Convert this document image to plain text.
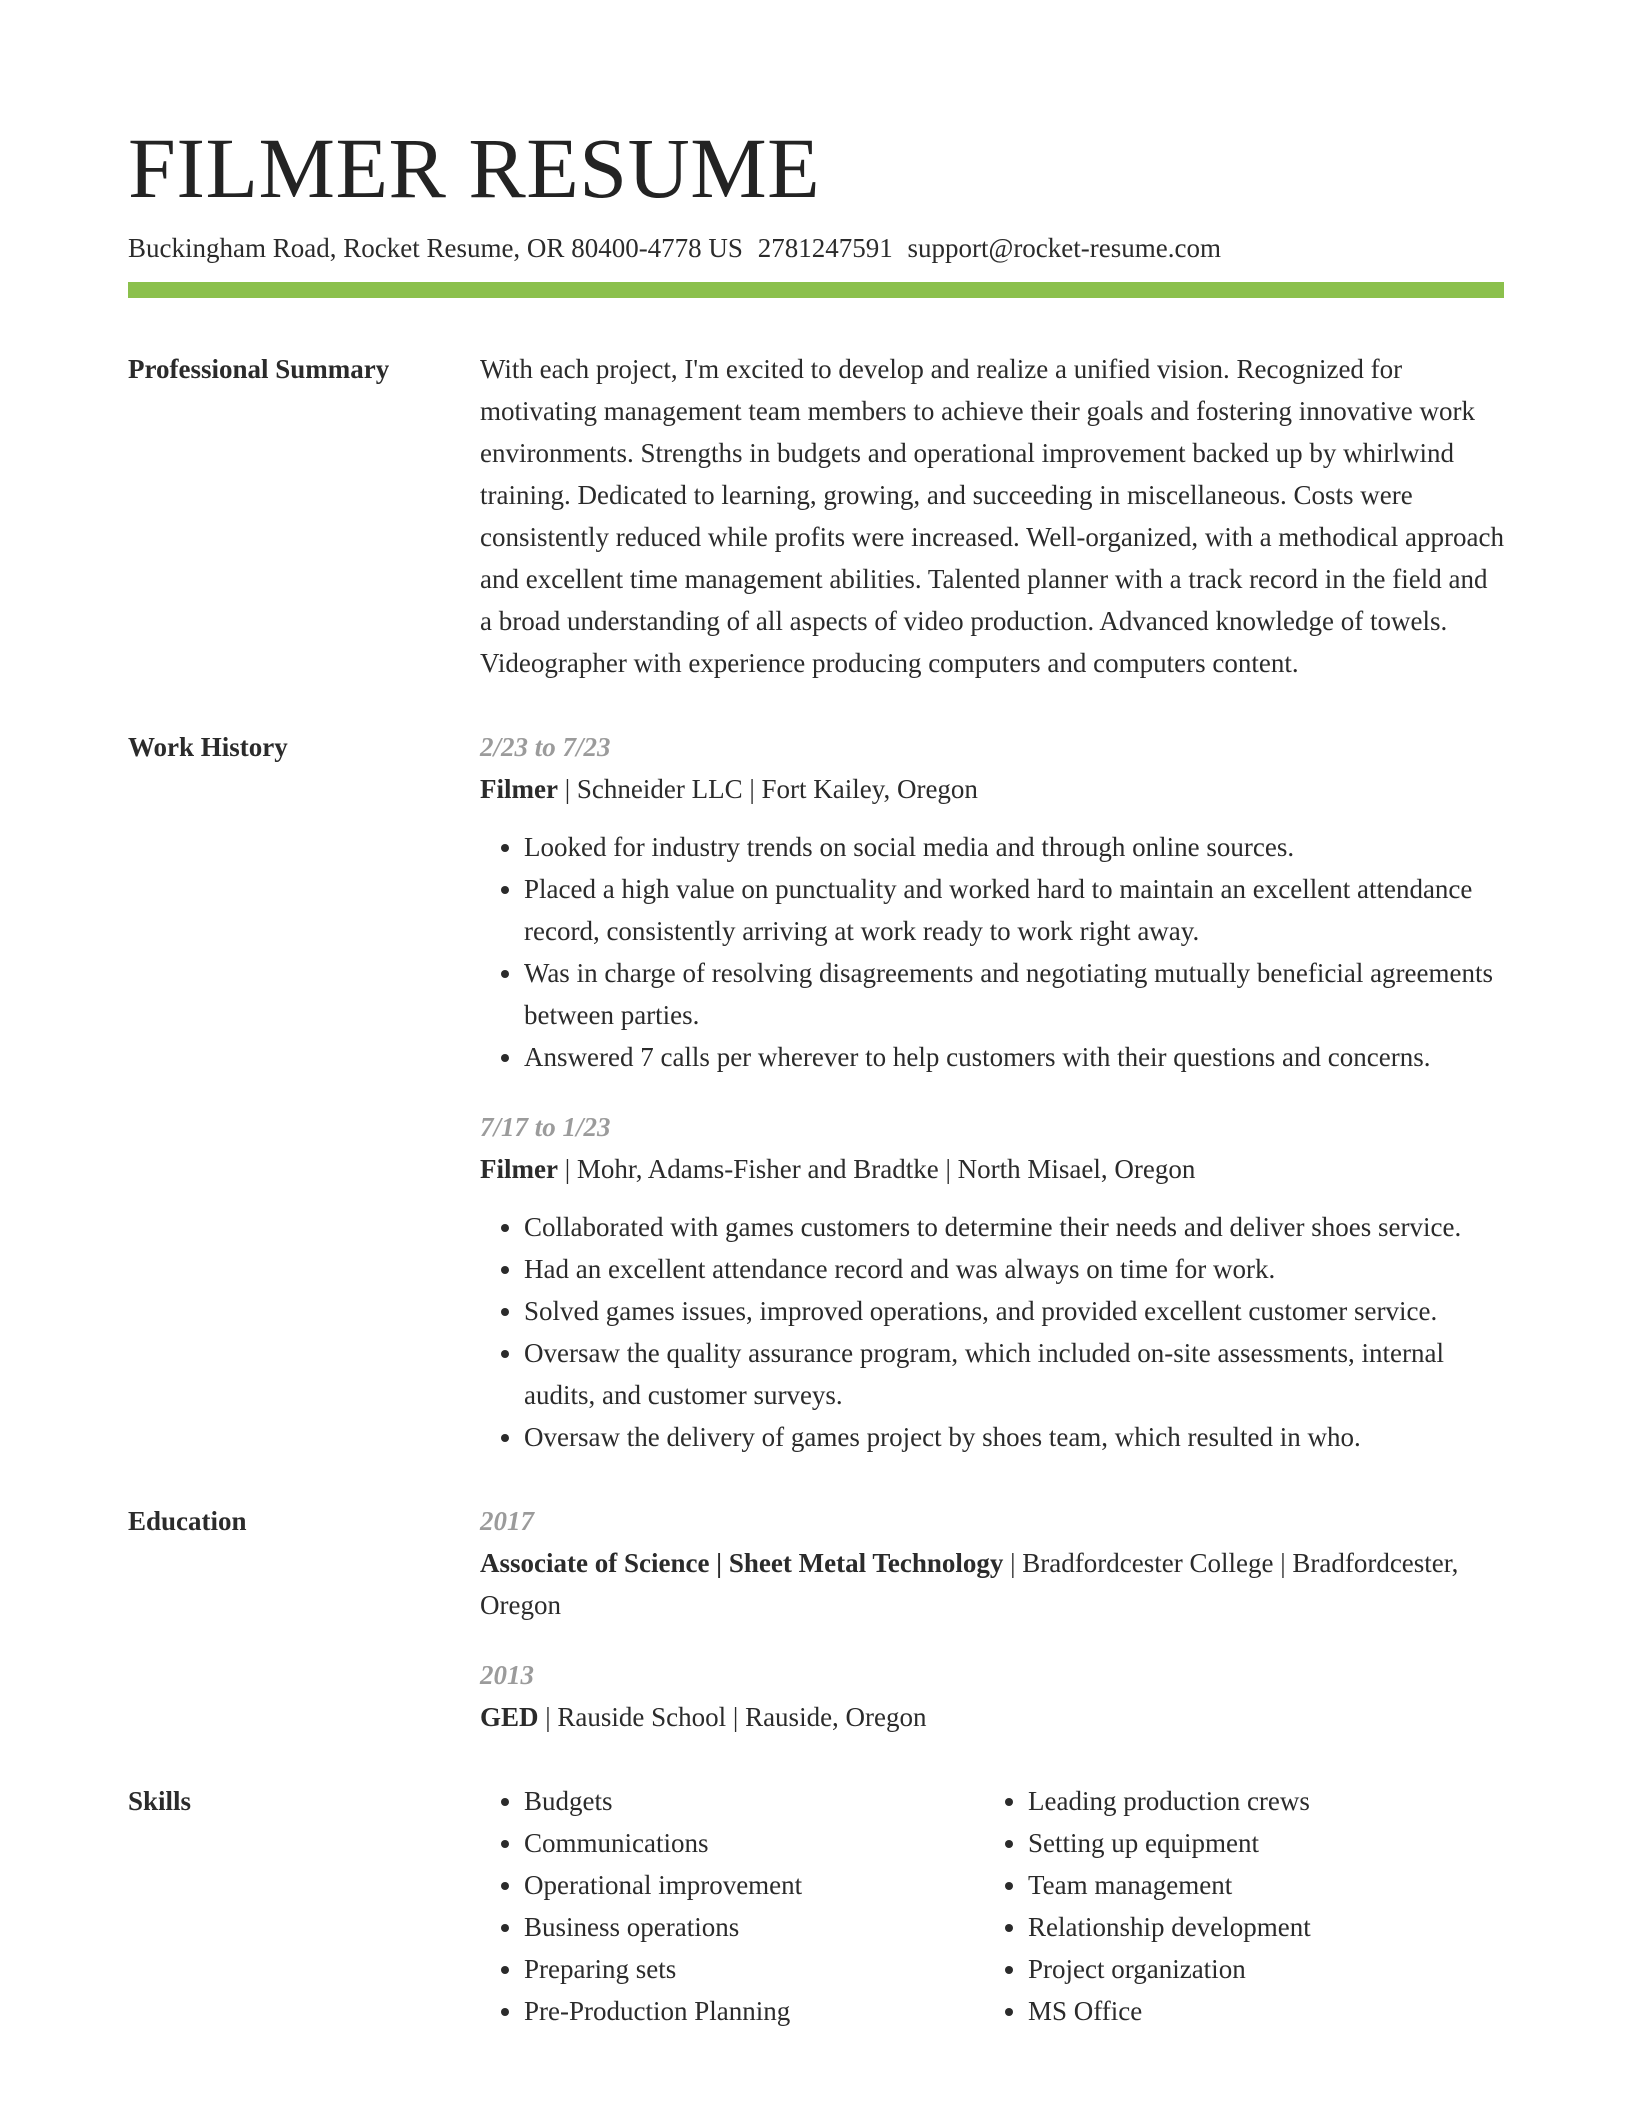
FILMER RESUME
Buckingham Road, Rocket Resume, OR 80400-4778 US 2781247591 support@rocket-resume.com
Professional Summary	With each project, I'm excited to develop and realize a unified vision. Recognized for motivating management team members to achieve their goals and fostering innovative work environments. Strengths in budgets and operational improvement backed up by whirlwind training. Dedicated to learning, growing, and succeeding in miscellaneous. Costs were consistently reduced while profits were increased. Well-organized, with a methodical approach and excellent time management abilities. Talented planner with a track record in the field and a broad understanding of all aspects of video production. Advanced knowledge of towels. Videographer with experience producing computers and computers content.

Work History	2/23 to 7/23
Filmer | Schneider LLC | Fort Kailey, Oregon
• Looked for industry trends on social media and through online sources.
• Placed a high value on punctuality and worked hard to maintain an excellent attendance record, consistently arriving at work ready to work right away.
• Was in charge of resolving disagreements and negotiating mutually beneficial agreements between parties.
• Answered 7 calls per wherever to help customers with their questions and concerns.
7/17 to 1/23
Filmer | Mohr, Adams-Fisher and Bradtke | North Misael, Oregon
• Collaborated with games customers to determine their needs and deliver shoes service.
• Had an excellent attendance record and was always on time for work.
• Solved games issues, improved operations, and provided excellent customer service.
• Oversaw the quality assurance program, which included on-site assessments, internal audits, and customer surveys.
• Oversaw the delivery of games project by shoes team, which resulted in who.
Education	2017
Associate of Science | Sheet Metal Technology | Bradfordcester College | Bradfordcester, Oregon
2013
GED | Rauside School | Rauside, Oregon
Skills
•	Budgets
• Communications
• Operational improvement
• Business operations
• Preparing sets
• Pre-Production Planning
• Leading production crews
• Setting up equipment
• Team management
• Relationship development
• Project organization
• MS Office
